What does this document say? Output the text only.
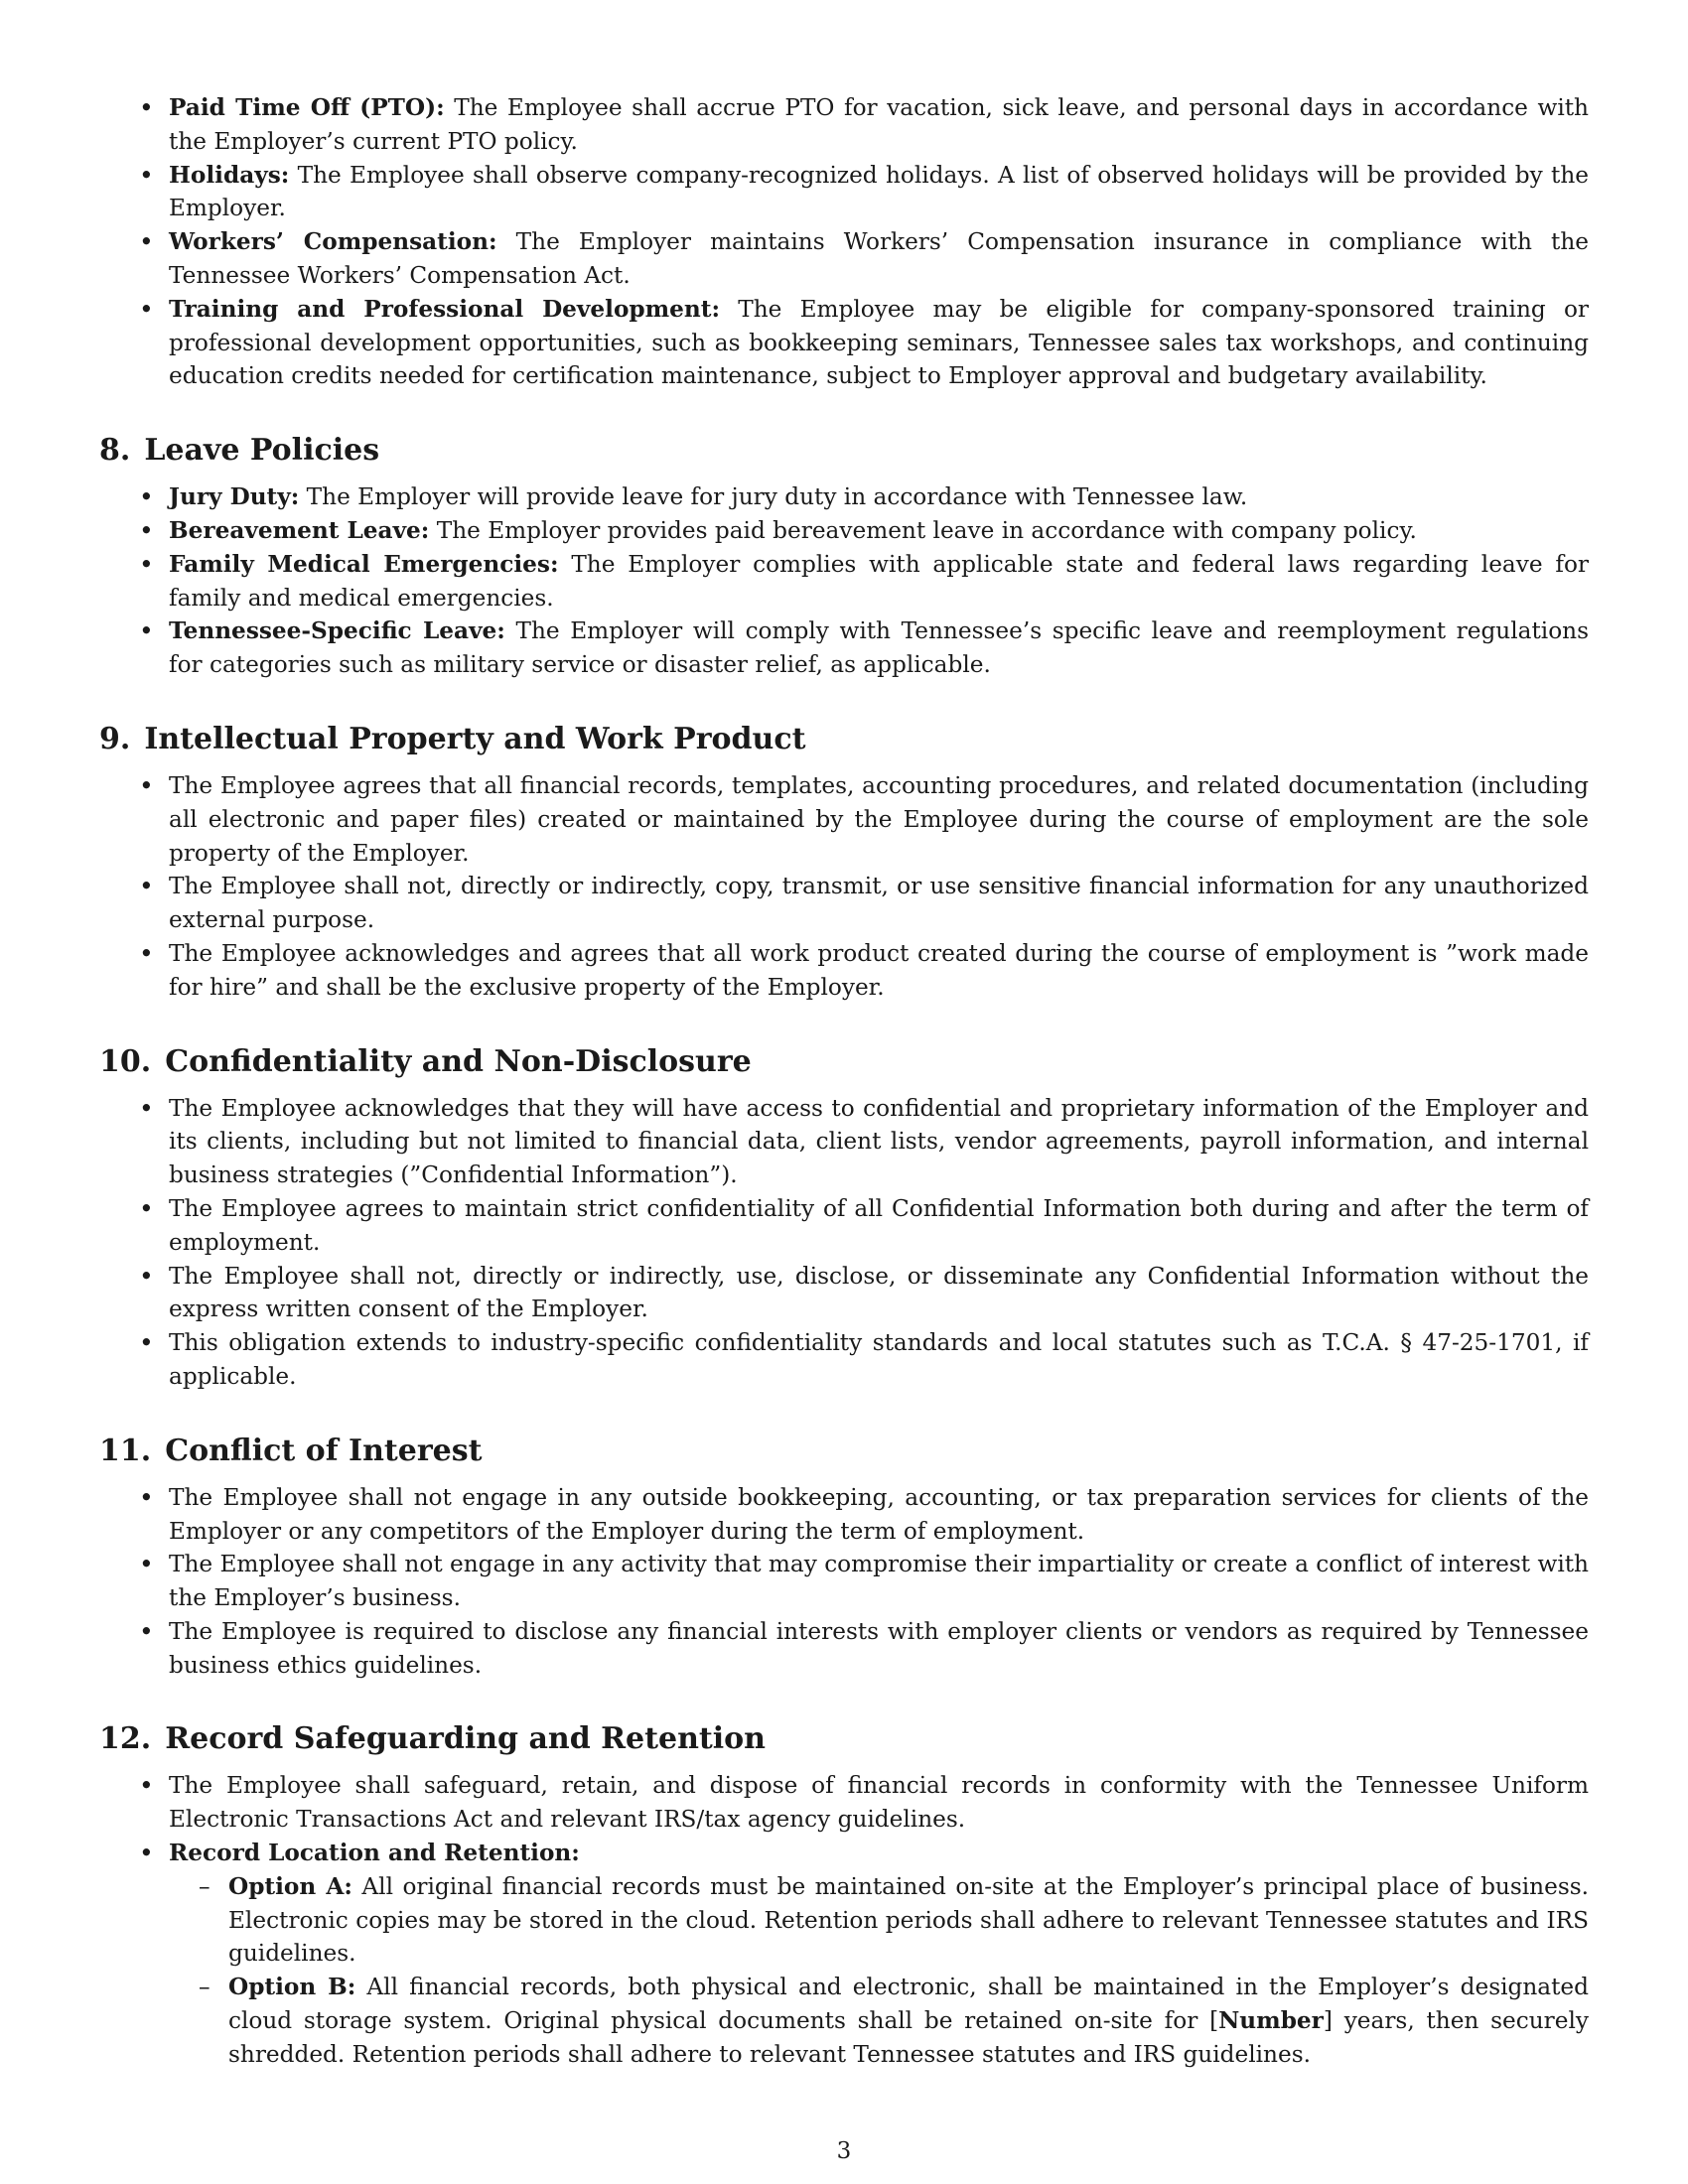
• Paid Time Off (PTO): The Employee shall accrue PTO for vacation, sick leave, and personal days in accordance with the Employer’s current PTO policy.
• Holidays: The Employee shall observe company-recognized holidays. A list of observed holidays will be provided by the Employer.
• Workers’ Compensation: The Employer maintains Workers’ Compensation insurance in compliance with the Tennessee Workers’ Compensation Act.
• Training and Professional Development: The Employee may be eligible for company-sponsored training or professional development opportunities, such as bookkeeping seminars, Tennessee sales tax workshops, and continuing education credits needed for certification maintenance, subject to Employer approval and budgetary availability.
8. Leave Policies
• Jury Duty: The Employer will provide leave for jury duty in accordance with Tennessee law.
• Bereavement Leave: The Employer provides paid bereavement leave in accordance with company policy.
• Family Medical Emergencies: The Employer complies with applicable state and federal laws regarding leave for family and medical emergencies.
• Tennessee-Specific Leave: The Employer will comply with Tennessee’s specific leave and reemployment regulations for categories such as military service or disaster relief, as applicable.
9. Intellectual Property and Work Product
• The Employee agrees that all financial records, templates, accounting procedures, and related documentation (including all electronic and paper files) created or maintained by the Employee during the course of employment are the sole property of the Employer.
• The Employee shall not, directly or indirectly, copy, transmit, or use sensitive financial information for any unauthorized external purpose.
• The Employee acknowledges and agrees that all work product created during the course of employment is ”work made for hire” and shall be the exclusive property of the Employer.
10. Confidentiality and Non-Disclosure
• The Employee acknowledges that they will have access to confidential and proprietary information of the Employer and its clients, including but not limited to financial data, client lists, vendor agreements, payroll information, and internal business strategies (”Confidential Information”).
• The Employee agrees to maintain strict confidentiality of all Confidential Information both during and after the term of employment.
• The Employee shall not, directly or indirectly, use, disclose, or disseminate any Confidential Information without the express written consent of the Employer.
• This obligation extends to industry-specific confidentiality standards and local statutes such as T.C.A. § 47-25-1701, if applicable.
11. Conflict of Interest
• The Employee shall not engage in any outside bookkeeping, accounting, or tax preparation services for clients of the Employer or any competitors of the Employer during the term of employment.
• The Employee shall not engage in any activity that may compromise their impartiality or create a conflict of interest with the Employer’s business.
• The Employee is required to disclose any financial interests with employer clients or vendors as required by Tennessee business ethics guidelines.
12. Record Safeguarding and Retention
• The Employee shall safeguard, retain, and dispose of financial records in conformity with the Tennessee Uniform Electronic Transactions Act and relevant IRS/tax agency guidelines.
• Record Location and Retention:
– Option A: All original financial records must be maintained on-site at the Employer’s principal place of business. Electronic copies may be stored in the cloud. Retention periods shall adhere to relevant Tennessee statutes and IRS guidelines.
– Option B: All financial records, both physical and electronic, shall be maintained in the Employer’s designated cloud storage system. Original physical documents shall be retained on-site for [Number] years, then securely shredded. Retention periods shall adhere to relevant Tennessee statutes and IRS guidelines.
3
